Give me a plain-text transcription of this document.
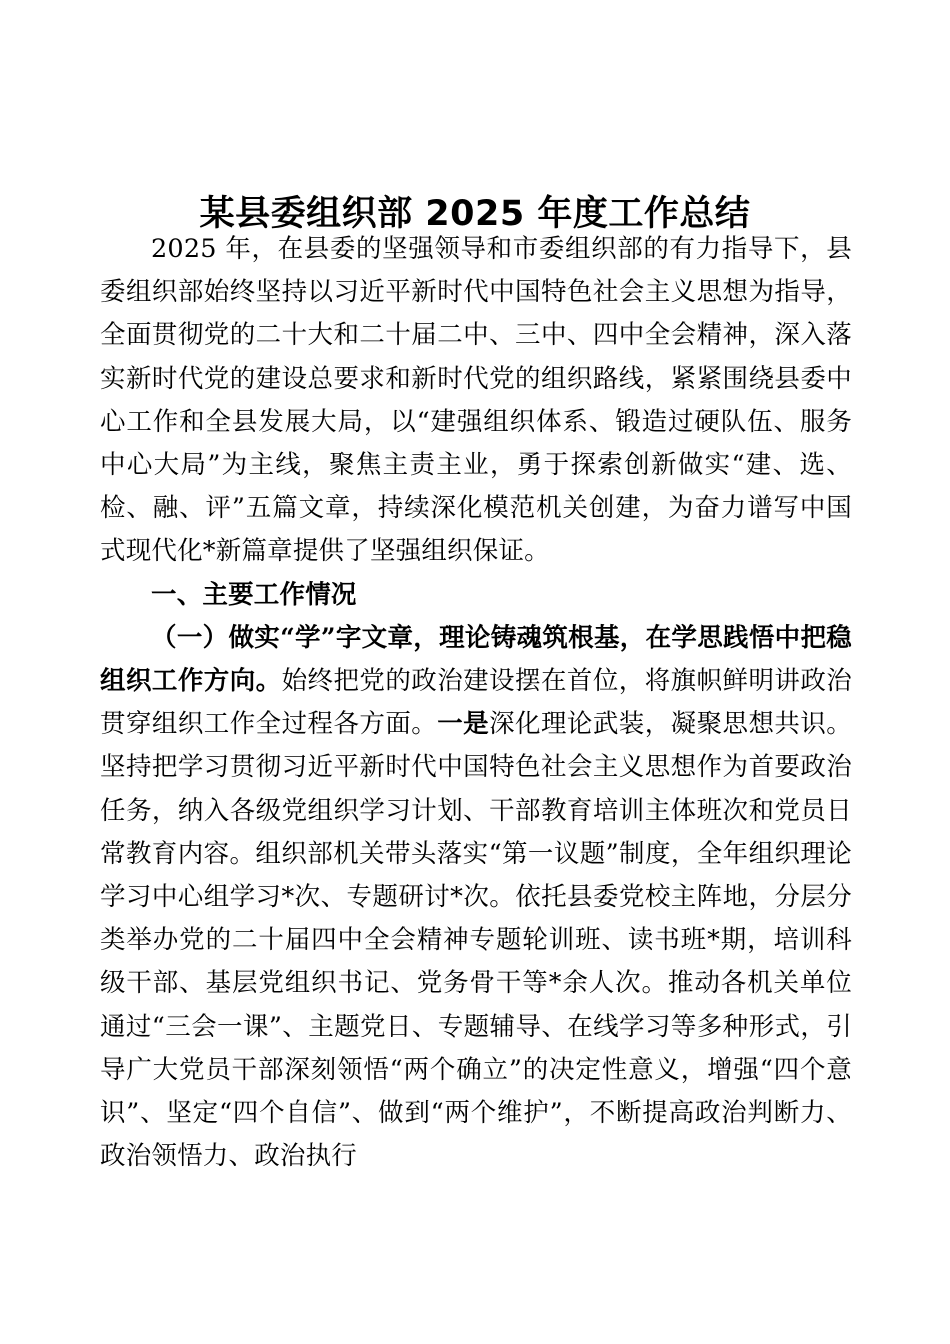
某县委组织部 2025 年度工作总结

2025 年，在县委的坚强领导和市委组织部的有力指导下，县委组织部始终坚持以习近平新时代中国特色社会主义思想为指导，全面贯彻党的二十大和二十届二中、三中、四中全会精神，深入落实新时代党的建设总要求和新时代党的组织路线，紧紧围绕县委中心工作和全县发展大局，以“建强组织体系、锻造过硬队伍、服务中心大局”为主线，聚焦主责主业，勇于探索创新做实“建、选、检、融、评”五篇文章，持续深化模范机关创建，为奋力谱写中国式现代化*新篇章提供了坚强组织保证。

一、主要工作情况

（一）做实“学”字文章，理论铸魂筑根基，在学思践悟中把稳组织工作方向。始终把党的政治建设摆在首位，将旗帜鲜明讲政治贯穿组织工作全过程各方面。一是深化理论武装，凝聚思想共识。坚持把学习贯彻习近平新时代中国特色社会主义思想作为首要政治任务，纳入各级党组织学习计划、干部教育培训主体班次和党员日常教育内容。组织部机关带头落实“第一议题”制度，全年组织理论学习中心组学习*次、专题研讨*次。依托县委党校主阵地，分层分类举办党的二十届四中全会精神专题轮训班、读书班*期，培训科级干部、基层党组织书记、党务骨干等*余人次。推动各机关单位通过“三会一课”、主题党日、专题辅导、在线学习等多种形式，引导广大党员干部深刻领悟“两个确立”的决定性意义，增强“四个意识”、坚定“四个自信”、做到“两个维护”，不断提高政治判断力、政治领悟力、政治执行
